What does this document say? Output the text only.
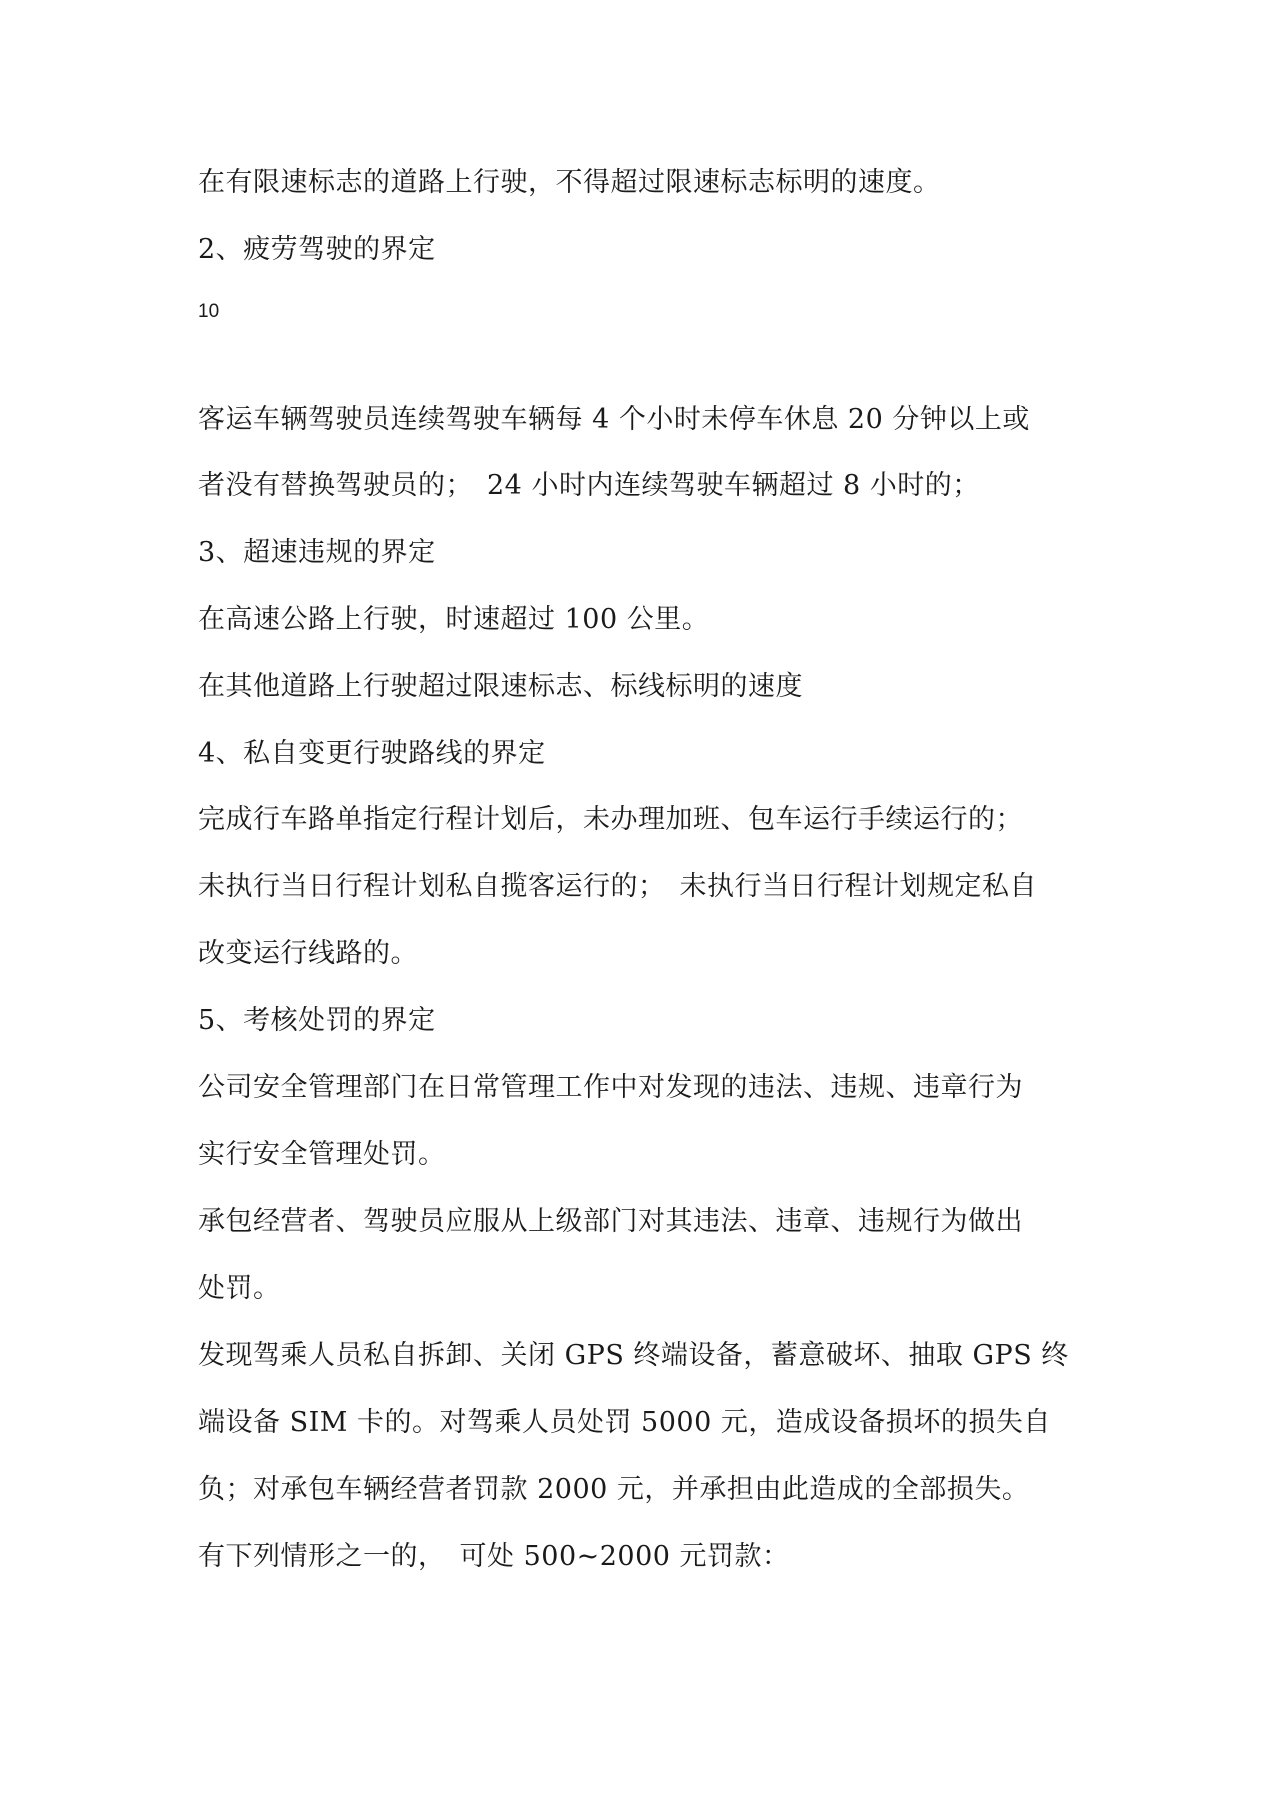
在有限速标志的道路上行驶，不得超过限速标志标明的速度。
2、疲劳驾驶的界定
10
客运车辆驾驶员连续驾驶车辆每 4 个小时未停车休息 20 分钟以上或
者没有替换驾驶员的；　24 小时内连续驾驶车辆超过 8 小时的；
3、超速违规的界定
在高速公路上行驶，时速超过 100 公里。
在其他道路上行驶超过限速标志、标线标明的速度
4、私自变更行驶路线的界定
完成行车路单指定行程计划后，未办理加班、包车运行手续运行的；
未执行当日行程计划私自揽客运行的；　未执行当日行程计划规定私自
改变运行线路的。
5、考核处罚的界定
公司安全管理部门在日常管理工作中对发现的违法、违规、违章行为
实行安全管理处罚。
承包经营者、驾驶员应服从上级部门对其违法、违章、违规行为做出
处罚。
发现驾乘人员私自拆卸、关闭 GPS 终端设备，蓄意破坏、抽取 GPS 终
端设备 SIM 卡的。对驾乘人员处罚 5000 元，造成设备损坏的损失自
负；对承包车辆经营者罚款 2000 元，并承担由此造成的全部损失。
有下列情形之一的，　可处 500~2000 元罚款：
